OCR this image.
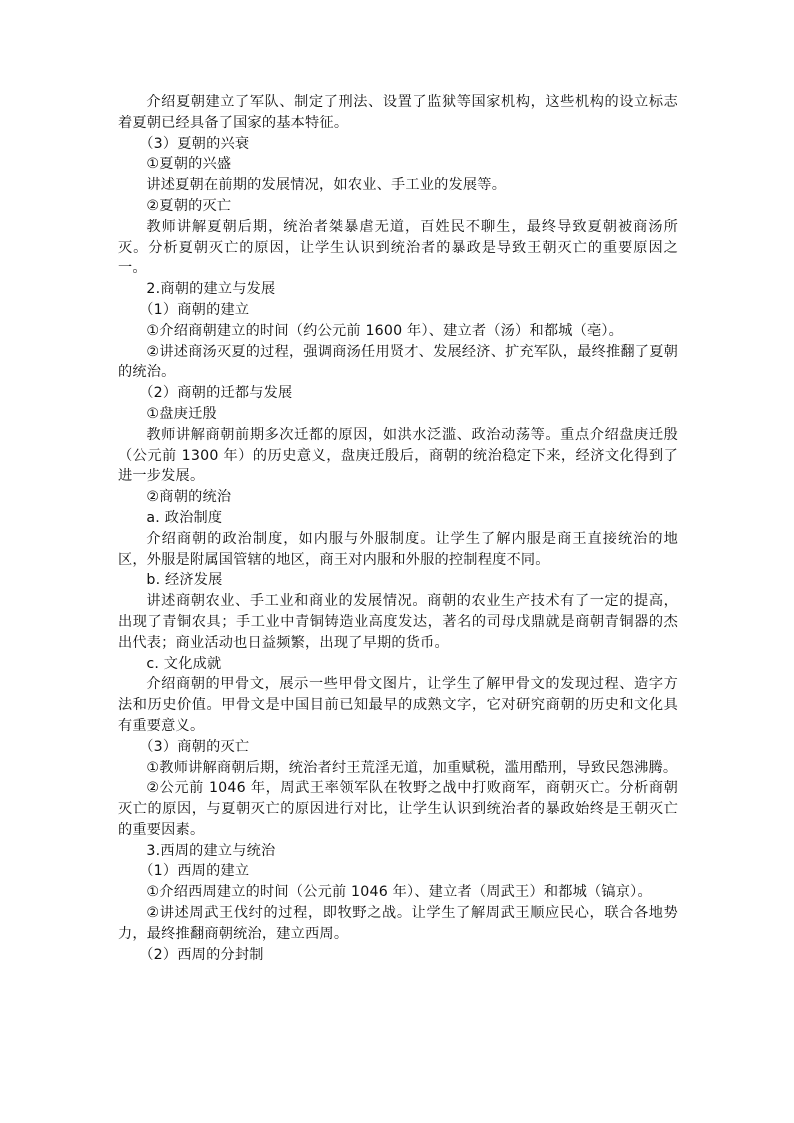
介绍夏朝建立了军队、制定了刑法、设置了监狱等国家机构，这些机构的设立标志着夏朝已经具备了国家的基本特征。

（3）夏朝的兴衰

①夏朝的兴盛

讲述夏朝在前期的发展情况，如农业、手工业的发展等。

②夏朝的灭亡

教师讲解夏朝后期，统治者桀暴虐无道，百姓民不聊生，最终导致夏朝被商汤所灭。分析夏朝灭亡的原因，让学生认识到统治者的暴政是导致王朝灭亡的重要原因之一。

2.商朝的建立与发展

（1）商朝的建立

①介绍商朝建立的时间（约公元前 1600 年）、建立者（汤）和都城（亳）。

②讲述商汤灭夏的过程，强调商汤任用贤才、发展经济、扩充军队，最终推翻了夏朝的统治。

（2）商朝的迁都与发展

①盘庚迁殷

教师讲解商朝前期多次迁都的原因，如洪水泛滥、政治动荡等。重点介绍盘庚迁殷（公元前 1300 年）的历史意义，盘庚迁殷后，商朝的统治稳定下来，经济文化得到了进一步发展。

②商朝的统治

a. 政治制度

介绍商朝的政治制度，如内服与外服制度。让学生了解内服是商王直接统治的地区，外服是附属国管辖的地区，商王对内服和外服的控制程度不同。

b. 经济发展

讲述商朝农业、手工业和商业的发展情况。商朝的农业生产技术有了一定的提高，出现了青铜农具；手工业中青铜铸造业高度发达，著名的司母戊鼎就是商朝青铜器的杰出代表；商业活动也日益频繁，出现了早期的货币。

c. 文化成就

介绍商朝的甲骨文，展示一些甲骨文图片，让学生了解甲骨文的发现过程、造字方法和历史价值。甲骨文是中国目前已知最早的成熟文字，它对研究商朝的历史和文化具有重要意义。

（3）商朝的灭亡

①教师讲解商朝后期，统治者纣王荒淫无道，加重赋税，滥用酷刑，导致民怨沸腾。

②公元前 1046 年，周武王率领军队在牧野之战中打败商军，商朝灭亡。分析商朝灭亡的原因，与夏朝灭亡的原因进行对比，让学生认识到统治者的暴政始终是王朝灭亡的重要因素。

3.西周的建立与统治

（1）西周的建立

①介绍西周建立的时间（公元前 1046 年）、建立者（周武王）和都城（镐京）。

②讲述周武王伐纣的过程，即牧野之战。让学生了解周武王顺应民心，联合各地势力，最终推翻商朝统治，建立西周。

（2）西周的分封制
